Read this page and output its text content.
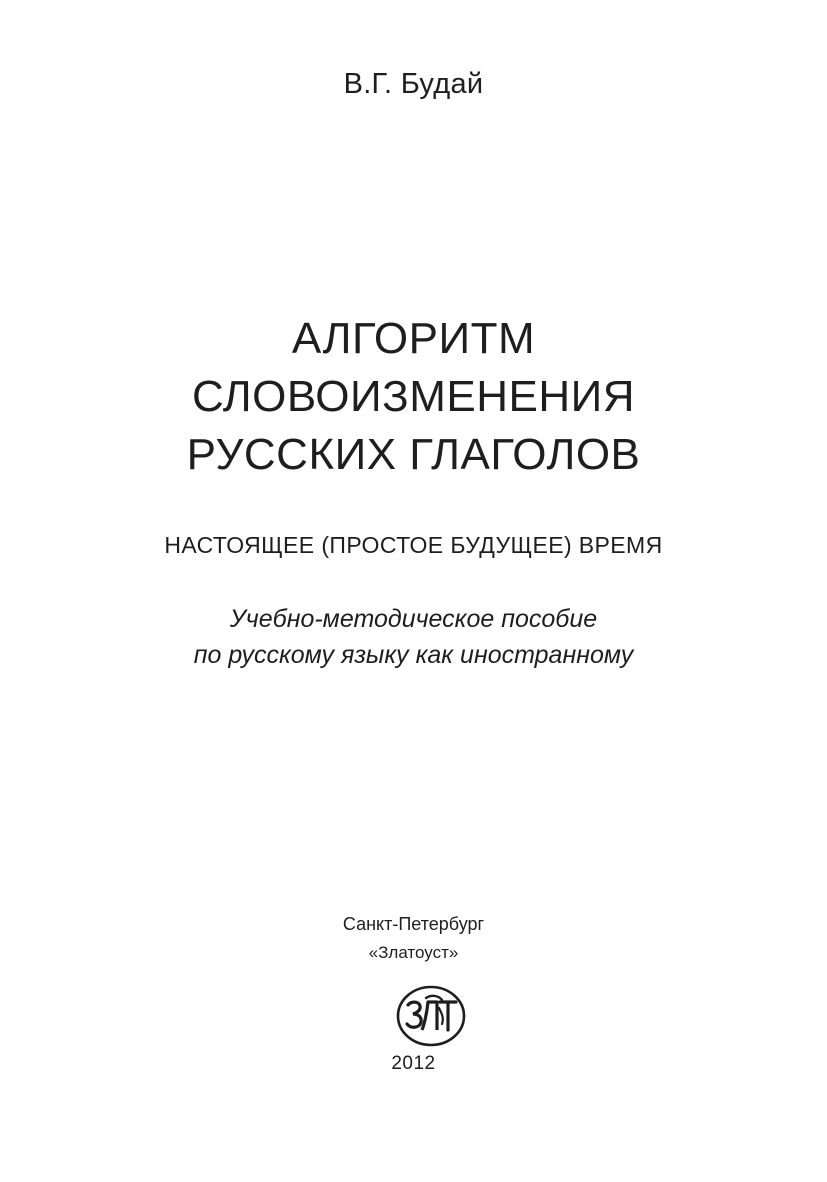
В.Г. Будай
АЛГОРИТМ
СЛОВОИЗМЕНЕНИЯ
РУССКИХ ГЛАГОЛОВ
НАСТОЯЩЕЕ (ПРОСТОЕ БУДУЩЕЕ) ВРЕМЯ
Учебно-методическое пособие
по русскому языку как иностранному
Санкт-Петербург
«Златоуст»
2012
